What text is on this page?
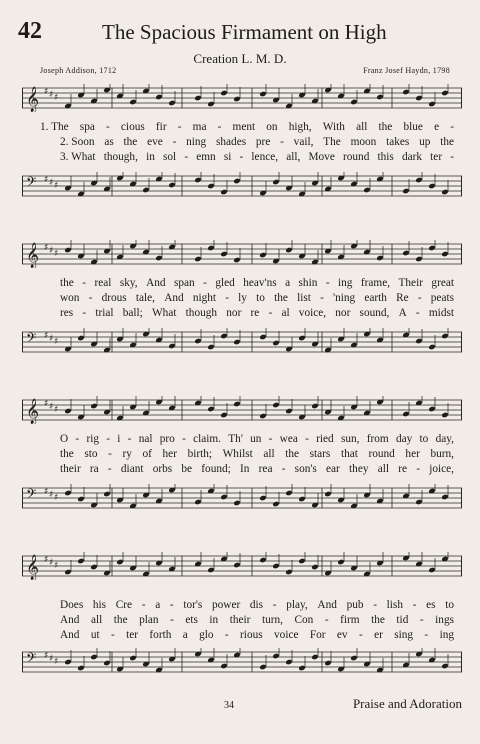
42	The Spacious Firmament on High
Creation L. M. D.
Joseph Addison, 1712	Franz Josef Haydn, 1798
𝄞 ♯ ♯ ♯
1. The spa - cious fir - ma - ment on high, With all the blue e -
2. Soon as the eve - ning shades pre - vail, The moon takes up the
3. What though, in sol - emn si - lence, all, Move round this dark ter -
𝄢 ♯ ♯ ♯
𝄞 ♯ ♯ ♯
the - real sky, And span - gled heav'ns a shin - ing frame, Their great
won - drous tale, And night - ly to the list - 'ning earth Re - peats
res - trial ball; What though nor re - al voice, nor sound, A - midst
𝄢 ♯ ♯ ♯
𝄞 ♯ ♯ ♯
O - rig - i - nal pro - claim. Th' un - wea - ried sun, from day to day,
the sto - ry of her birth; Whilst all the stars that round her burn,
their ra - diant orbs be found; In rea - son's ear they all re - joice,
𝄢 ♯ ♯ ♯
𝄞 ♯ ♯ ♯
Does his Cre - a - tor's power dis - play, And pub - lish - es to
And all the plan - ets in their turn, Con - firm the tid - ings
And ut - ter forth a glo - rious voice For ev - er sing - ing
𝄢 ♯ ♯ ♯
34	Praise and Adoration
